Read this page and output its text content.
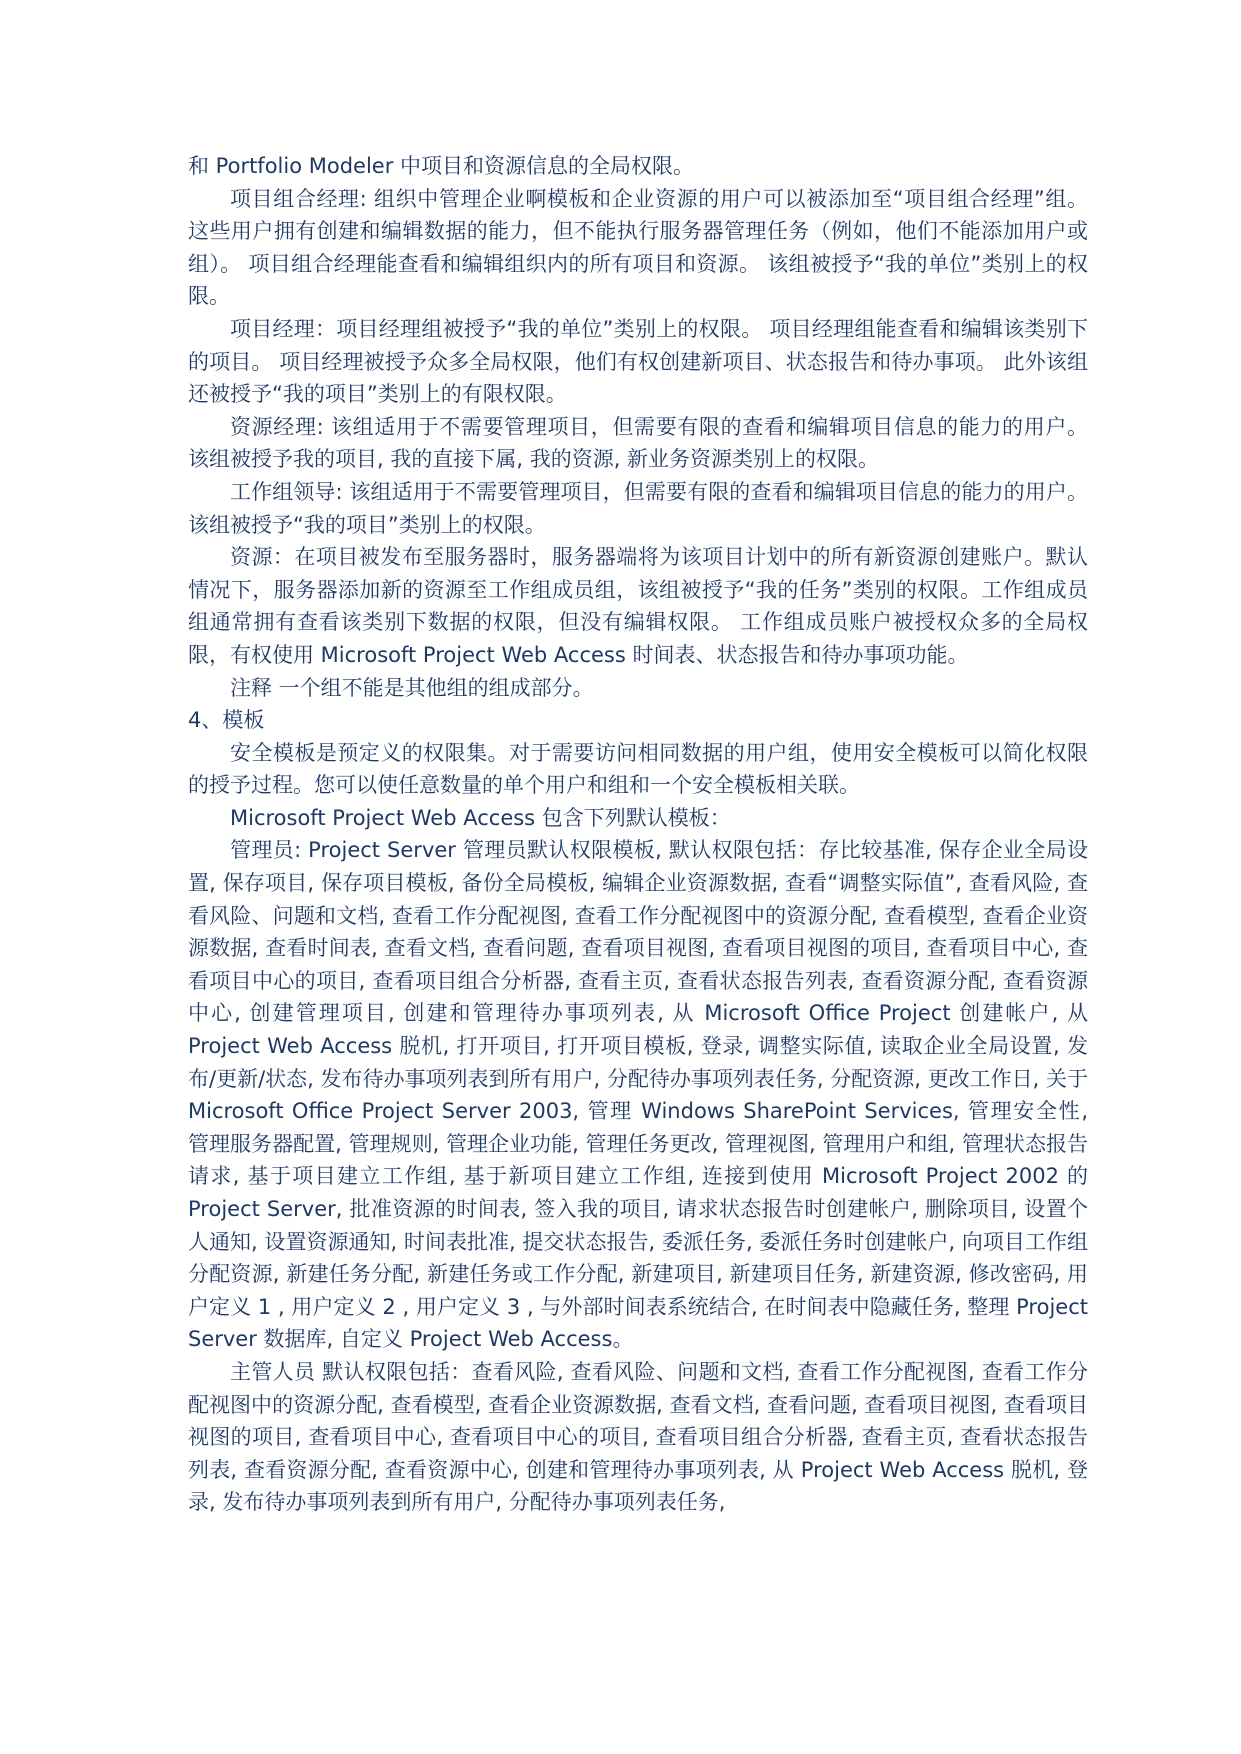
和 Portfolio Modeler 中项目和资源信息的全局权限。

项目组合经理: 组织中管理企业啊模板和企业资源的用户可以被添加至“项目组合经理”组。 这些用户拥有创建和编辑数据的能力，但不能执行服务器管理任务（例如，他们不能添加用户或组）。 项目组合经理能查看和编辑组织内的所有项目和资源。 该组被授予“我的单位”类别上的权限。

项目经理：项目经理组被授予“我的单位”类别上的权限。 项目经理组能查看和编辑该类别下的项目。 项目经理被授予众多全局权限，他们有权创建新项目、状态报告和待办事项。 此外该组还被授予“我的项目”类别上的有限权限。

资源经理: 该组适用于不需要管理项目，但需要有限的查看和编辑项目信息的能力的用户。 该组被授予我的项目, 我的直接下属, 我的资源, 新业务资源类别上的权限。

工作组领导: 该组适用于不需要管理项目，但需要有限的查看和编辑项目信息的能力的用户。 该组被授予“我的项目”类别上的权限。

资源：在项目被发布至服务器时，服务器端将为该项目计划中的所有新资源创建账户。默认情况下，服务器添加新的资源至工作组成员组，该组被授予“我的任务”类别的权限。工作组成员组通常拥有查看该类别下数据的权限，但没有编辑权限。 工作组成员账户被授权众多的全局权限，有权使用 Microsoft Project Web Access 时间表、状态报告和待办事项功能。

注释 一个组不能是其他组的组成部分。

4、模板

安全模板是预定义的权限集。对于需要访问相同数据的用户组，使用安全模板可以简化权限的授予过程。您可以使任意数量的单个用户和组和一个安全模板相关联。

Microsoft Project Web Access 包含下列默认模板：

管理员: Project Server 管理员默认权限模板, 默认权限包括：存比较基准, 保存企业全局设置, 保存项目, 保存项目模板, 备份全局模板, 编辑企业资源数据, 查看“调整实际值”, 查看风险, 查看风险、问题和文档, 查看工作分配视图, 查看工作分配视图中的资源分配, 查看模型, 查看企业资源数据, 查看时间表, 查看文档, 查看问题, 查看项目视图, 查看项目视图的项目, 查看项目中心, 查看项目中心的项目, 查看项目组合分析器, 查看主页, 查看状态报告列表, 查看资源分配, 查看资源中心, 创建管理项目, 创建和管理待办事项列表, 从 Microsoft Office Project 创建帐户, 从 Project Web Access 脱机, 打开项目, 打开项目模板, 登录, 调整实际值, 读取企业全局设置, 发布/更新/状态, 发布待办事项列表到所有用户, 分配待办事项列表任务, 分配资源, 更改工作日, 关于 Microsoft Office Project Server 2003, 管理 Windows SharePoint Services, 管理安全性, 管理服务器配置, 管理规则, 管理企业功能, 管理任务更改, 管理视图, 管理用户和组, 管理状态报告请求, 基于项目建立工作组, 基于新项目建立工作组, 连接到使用 Microsoft Project 2002 的 Project Server, 批准资源的时间表, 签入我的项目, 请求状态报告时创建帐户, 删除项目, 设置个人通知, 设置资源通知, 时间表批准, 提交状态报告, 委派任务, 委派任务时创建帐户, 向项目工作组分配资源, 新建任务分配, 新建任务或工作分配, 新建项目, 新建项目任务, 新建资源, 修改密码, 用户定义 1 , 用户定义 2 , 用户定义 3 , 与外部时间表系统结合, 在时间表中隐藏任务, 整理 Project Server 数据库, 自定义 Project Web Access。

主管人员 默认权限包括：查看风险, 查看风险、问题和文档, 查看工作分配视图, 查看工作分配视图中的资源分配, 查看模型, 查看企业资源数据, 查看文档, 查看问题, 查看项目视图, 查看项目视图的项目, 查看项目中心, 查看项目中心的项目, 查看项目组合分析器, 查看主页, 查看状态报告列表, 查看资源分配, 查看资源中心, 创建和管理待办事项列表, 从 Project Web Access 脱机, 登录, 发布待办事项列表到所有用户, 分配待办事项列表任务,
